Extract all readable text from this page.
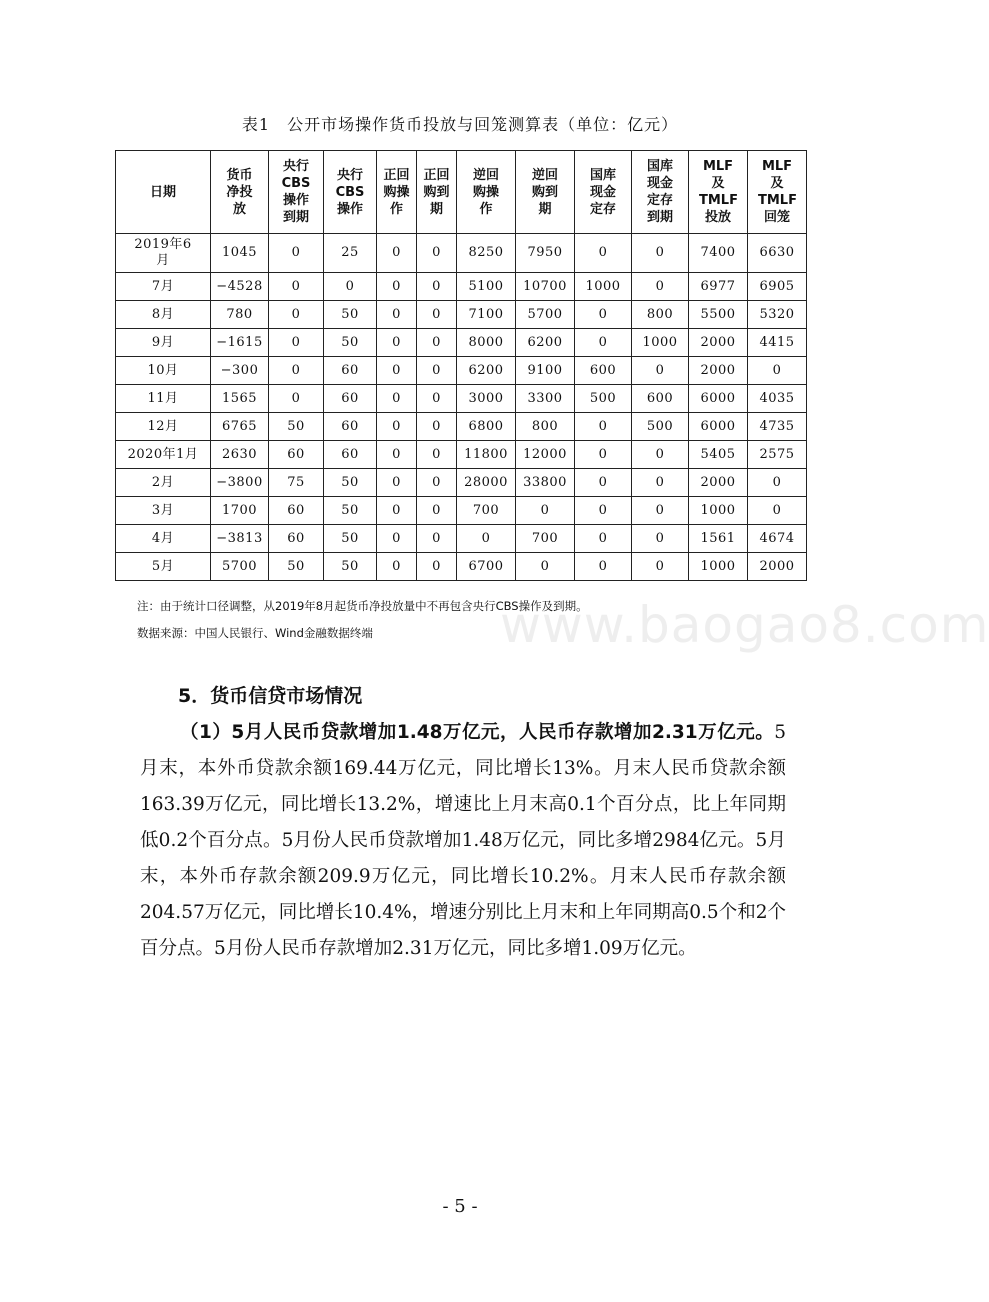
表1　公开市场操作货币投放与回笼测算表（单位：亿元）
日期	货币净投放	央行CBS操作到期	央行CBS操作	正回购操作	正回购到期	逆回购操作	逆回购到期	国库现金定存	国库现金定存到期	MLF及TMLF投放	MLF及TMLF回笼
2019年6月	1045	0	25	0	0	8250	7950	0	0	7400	6630
7月	−4528	0	0	0	0	5100	10700	1000	0	6977	6905
8月	780	0	50	0	0	7100	5700	0	800	5500	5320
9月	−1615	0	50	0	0	8000	6200	0	1000	2000	4415
10月	−300	0	60	0	0	6200	9100	600	0	2000	0
11月	1565	0	60	0	0	3000	3300	500	600	6000	4035
12月	6765	50	60	0	0	6800	800	0	500	6000	4735
2020年1月	2630	60	60	0	0	11800	12000	0	0	5405	2575
2月	−3800	75	50	0	0	28000	33800	0	0	2000	0
3月	1700	60	50	0	0	700	0	0	0	1000	0
4月	−3813	60	50	0	0	0	700	0	0	1561	4674
5月	5700	50	50	0	0	6700	0	0	0	1000	2000
注：由于统计口径调整，从2019年8月起货币净投放量中不再包含央行CBS操作及到期。
数据来源：中国人民银行、Wind金融数据终端	www.baogao8.com
5．货币信贷市场情况

（1）5月人民币贷款增加1.48万亿元，人民币存款增加2.31万亿元。5月末，本外币贷款余额169.44万亿元，同比增长13%。月末人民币贷款余额163.39万亿元，同比增长13.2%，增速比上月末高0.1个百分点，比上年同期低0.2个百分点。5月份人民币贷款增加1.48万亿元，同比多增2984亿元。5月末，本外币存款余额209.9万亿元，同比增长10.2%。月末人民币存款余额204.57万亿元，同比增长10.4%，增速分别比上月末和上年同期高0.5个和2个百分点。5月份人民币存款增加2.31万亿元，同比多增1.09万亿元。

- 5 -
